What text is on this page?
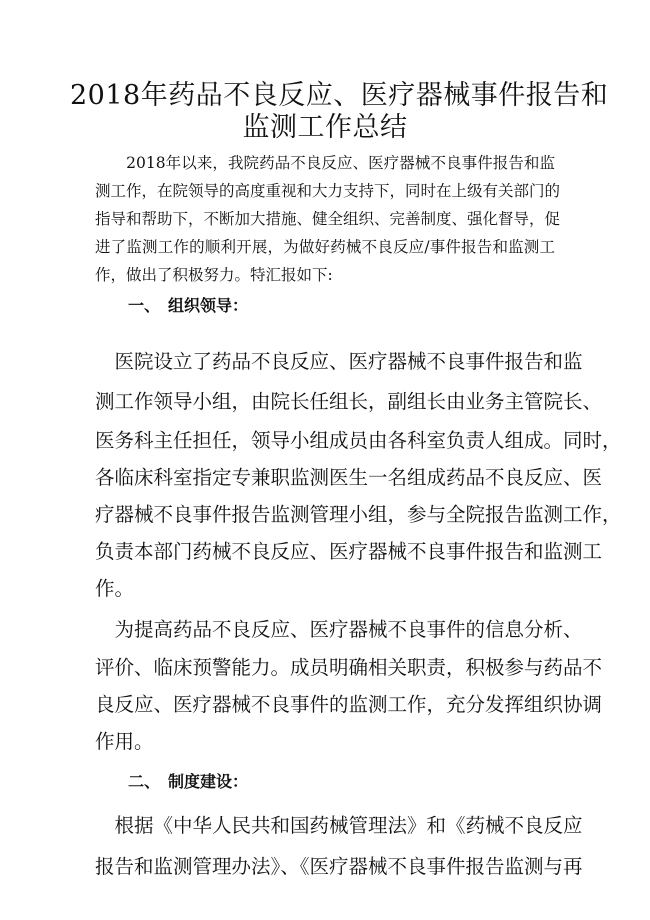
2018年药品不良反应、医疗器械事件报告和
监测工作总结
　　2018年以来，我院药品不良反应、医疗器械不良事件报告和监
测工作，在院领导的高度重视和大力支持下，同时在上级有关部门的
指导和帮助下，不断加大措施、健全组织、完善制度、强化督导，促
进了监测工作的顺利开展，为做好药械不良反应/事件报告和监测工
作，做出了积极努力。特汇报如下:
一、 组织领导：
　医院设立了药品不良反应、医疗器械不良事件报告和监
测工作领导小组，由院长任组长，副组长由业务主管院长、
医务科主任担任，领导小组成员由各科室负责人组成。同时，
各临床科室指定专兼职监测医生一名组成药品不良反应、医
疗器械不良事件报告监测管理小组，参与全院报告监测工作，
负责本部门药械不良反应、医疗器械不良事件报告和监测工
作。
　为提高药品不良反应、医疗器械不良事件的信息分析、
评价、临床预警能力。成员明确相关职责，积极参与药品不
良反应、医疗器械不良事件的监测工作，充分发挥组织协调
作用。
二、 制度建设：
　根据《中华人民共和国药械管理法》和《药械不良反应
报告和监测管理办法》、《医疗器械不良事件报告监测与再
